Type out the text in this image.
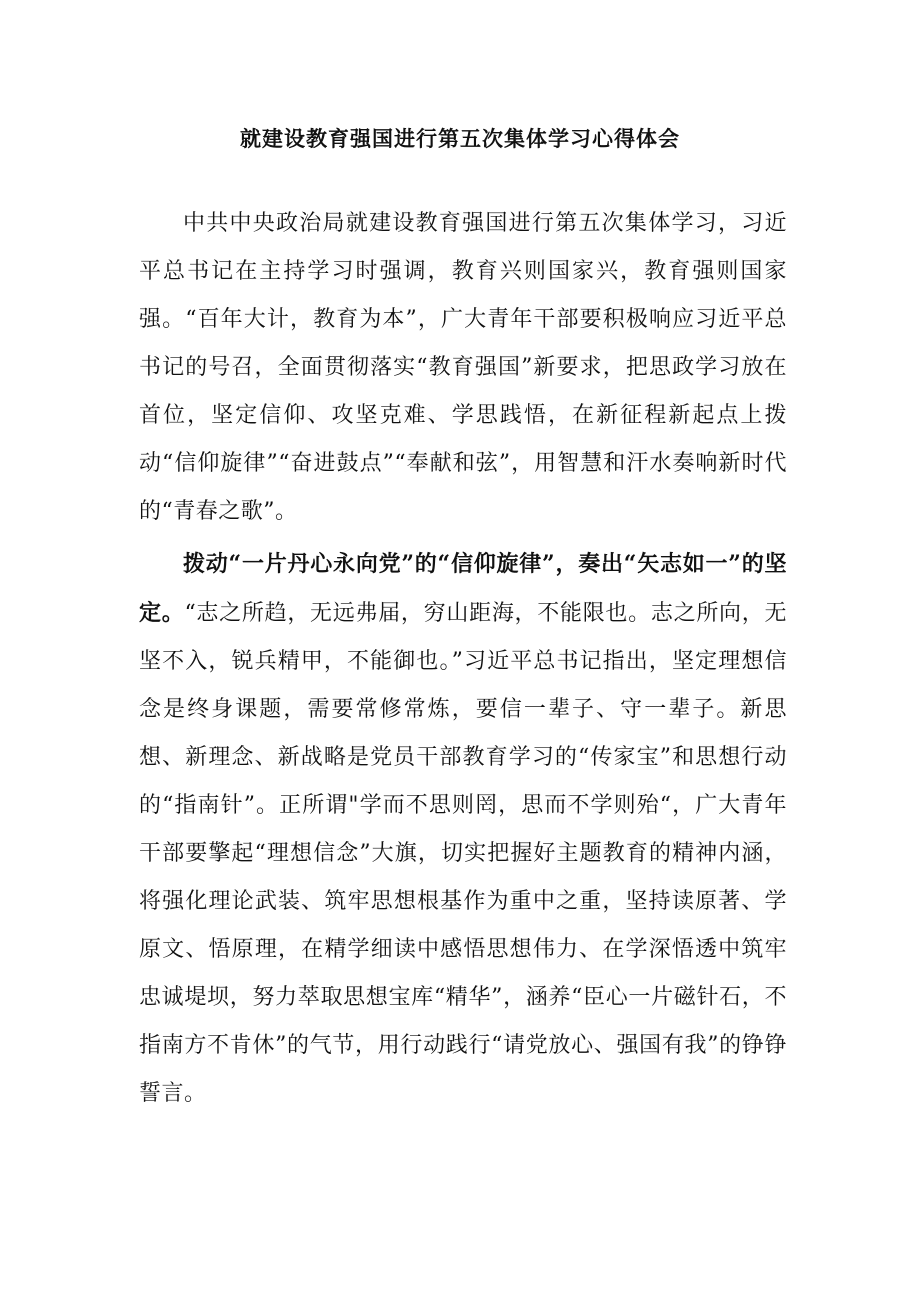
就建设教育强国进行第五次集体学习心得体会

中共中央政治局就建设教育强国进行第五次集体学习，习近平总书记在主持学习时强调，教育兴则国家兴，教育强则国家强。“百年大计，教育为本”，广大青年干部要积极响应习近平总书记的号召，全面贯彻落实“教育强国”新要求，把思政学习放在首位，坚定信仰、攻坚克难、学思践悟，在新征程新起点上拨动“信仰旋律”“奋进鼓点”“奉献和弦”，用智慧和汗水奏响新时代的“青春之歌”。

拨动“一片丹心永向党”的“信仰旋律”，奏出“矢志如一”的坚定。“志之所趋，无远弗届，穷山距海，不能限也。志之所向，无坚不入，锐兵精甲，不能御也。”习近平总书记指出，坚定理想信念是终身课题，需要常修常炼，要信一辈子、守一辈子。新思想、新理念、新战略是党员干部教育学习的“传家宝”和思想行动的“指南针”。正所谓"学而不思则罔，思而不学则殆“，广大青年干部要擎起“理想信念”大旗，切实把握好主题教育的精神内涵，将强化理论武装、筑牢思想根基作为重中之重，坚持读原著、学原文、悟原理，在精学细读中感悟思想伟力、在学深悟透中筑牢忠诚堤坝，努力萃取思想宝库“精华”，涵养“臣心一片磁针石，不指南方不肯休”的气节，用行动践行“请党放心、强国有我”的铮铮誓言。
